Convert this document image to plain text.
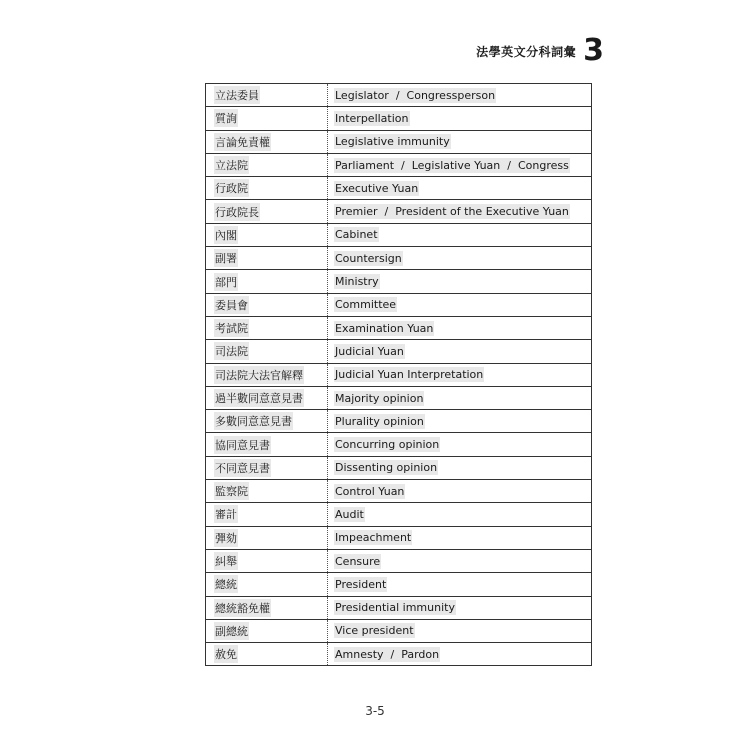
法學英文分科詞彙 3
立法委員	Legislator  /  Congressperson
質詢	Interpellation
言論免責權	Legislative immunity
立法院	Parliament  /  Legislative Yuan  /  Congress
行政院	Executive Yuan
行政院長	Premier  /  President of the Executive Yuan
內閣	Cabinet
副署	Countersign
部門	Ministry
委員會	Committee
考試院	Examination Yuan
司法院	Judicial Yuan
司法院大法官解釋	Judicial Yuan Interpretation
過半數同意意見書	Majority opinion
多數同意意見書	Plurality opinion
協同意見書	Concurring opinion
不同意見書	Dissenting opinion
監察院	Control Yuan
審計	Audit
彈劾	Impeachment
糾舉	Censure
總統	President
總統豁免權	Presidential immunity
副總統	Vice president
赦免	Amnesty  /  Pardon
3-5
